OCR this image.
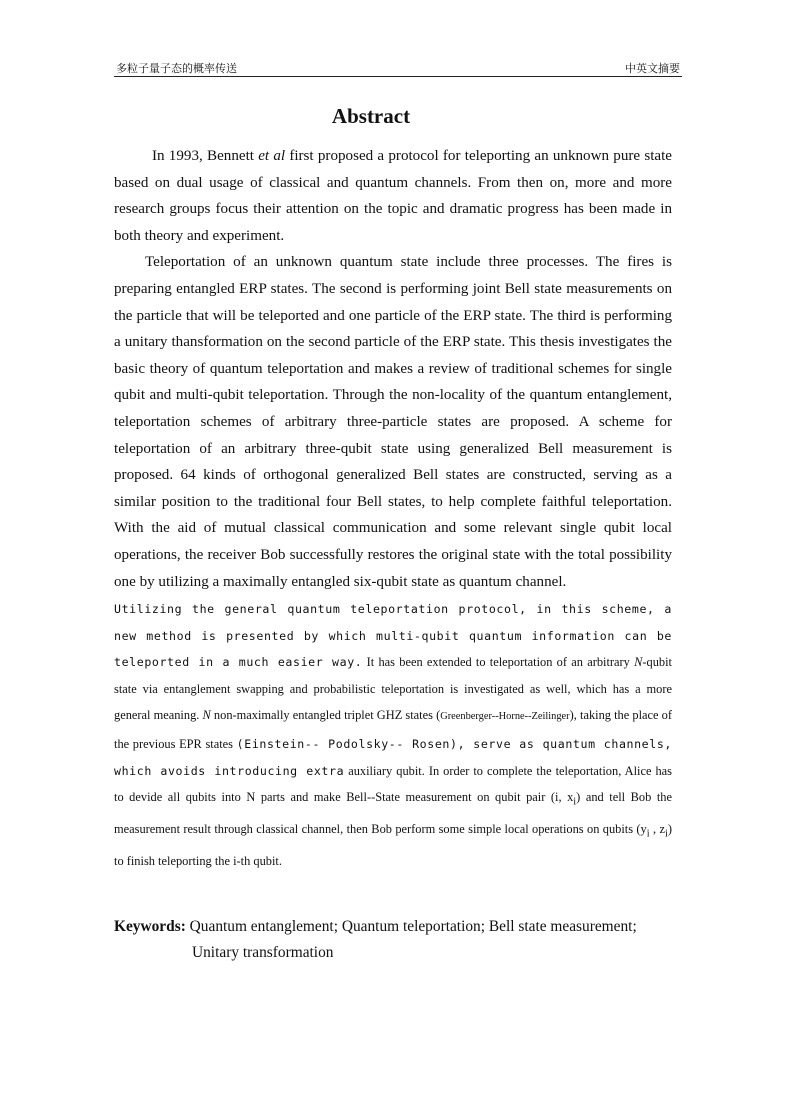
多粒子量子态的概率传送	中英文摘要
Abstract

In 1993, Bennett et al first proposed a protocol for teleporting an unknown pure state based on dual usage of classical and quantum channels. From then on, more and more research groups focus their attention on the topic and dramatic progress has been made in both theory and experiment.

Teleportation of an unknown quantum state include three processes. The fires is preparing entangled ERP states. The second is performing joint Bell state measurements on the particle that will be teleported and one particle of the ERP state. The third is performing a unitary thansformation on the second particle of the ERP state. This thesis investigates the basic theory of quantum teleportation and makes a review of traditional schemes for single qubit and multi-qubit teleportation. Through the non-locality of the quantum entanglement, teleportation schemes of arbitrary three-particle states are proposed. A scheme for teleportation of an arbitrary three-qubit state using generalized Bell measurement is proposed. 64 kinds of orthogonal generalized Bell states are constructed, serving as a similar position to the traditional four Bell states, to help complete faithful teleportation. With the aid of mutual classical communication and some relevant single qubit local operations, the receiver Bob successfully restores the original state with the total possibility one by utilizing a maximally entangled six-qubit state as quantum channel.

Utilizing the general quantum teleportation protocol, in this scheme, a new method is presented by which multi-qubit quantum information can be teleported in a much easier way. It has been extended to teleportation of an arbitrary N-qubit state via entanglement swapping and probabilistic teleportation is investigated as well, which has a more general meaning. N non-maximally entangled triplet GHZ states (Greenberger--Horne--Zeilinger), taking the place of the previous EPR states (Einstein-- Podolsky-- Rosen), serve as quantum channels, which avoids introducing extra auxiliary qubit. In order to complete the teleportation, Alice has to devide all qubits into N parts and make Bell--State measurement on qubit pair (i, $x_i$) and tell Bob the measurement result through classical channel, then Bob perform some simple local operations on qubits ($y_i$ , $z_i$) to finish teleporting the i-th qubit.

Keywords: Quantum entanglement; Quantum teleportation; Bell state measurement;
Unitary transformation
